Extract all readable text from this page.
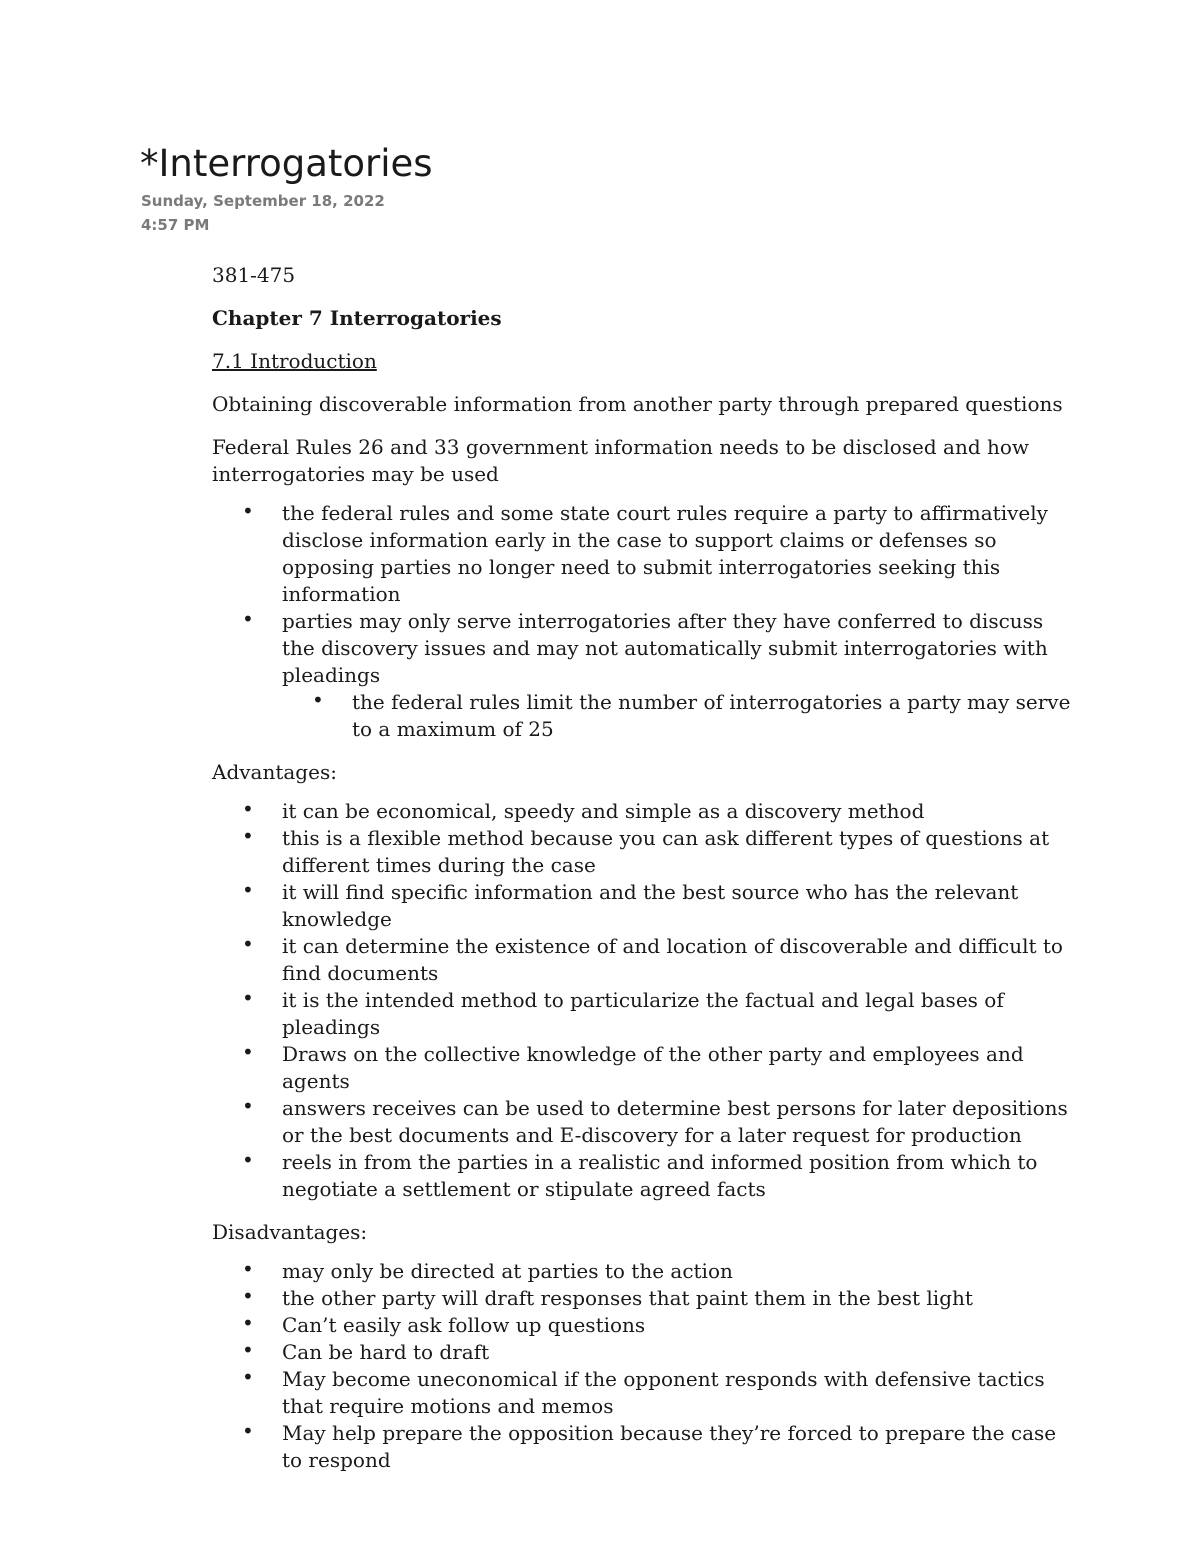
*Interrogatories
Sunday, September 18, 2022
4:57 PM

381-475

Chapter 7 Interrogatories

7.1 Introduction

Obtaining discoverable information from another party through prepared questions

Federal Rules 26 and 33 government information needs to be disclosed and how interrogatories may be used

• the federal rules and some state court rules require a party to affirmatively disclose information early in the case to support claims or defenses so opposing parties no longer need to submit interrogatories seeking this information
• parties may only serve interrogatories after they have conferred to discuss the discovery issues and may not automatically submit interrogatories with pleadings
• the federal rules limit the number of interrogatories a party may serve to a maximum of 25

Advantages:

• it can be economical, speedy and simple as a discovery method
• this is a flexible method because you can ask different types of questions at different times during the case
• it will find specific information and the best source who has the relevant knowledge
• it can determine the existence of and location of discoverable and difficult to find documents
• it is the intended method to particularize the factual and legal bases of pleadings
• Draws on the collective knowledge of the other party and employees and agents
• answers receives can be used to determine best persons for later depositions or the best documents and E-discovery for a later request for production
• reels in from the parties in a realistic and informed position from which to negotiate a settlement or stipulate agreed facts

Disadvantages:

• may only be directed at parties to the action
• the other party will draft responses that paint them in the best light
• Can’t easily ask follow up questions
• Can be hard to draft
• May become uneconomical if the opponent responds with defensive tactics that require motions and memos
• May help prepare the opposition because they’re forced to prepare the case to respond
